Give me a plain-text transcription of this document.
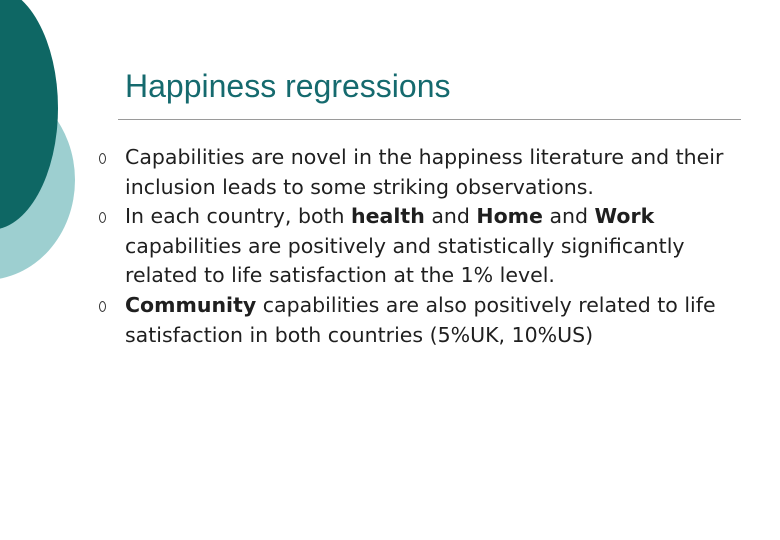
Happiness regressions
Capabilities are novel in the happiness literature and their inclusion leads to some striking observations.
In each country, both health and Home and Work capabilities are positively and statistically significantly related to life satisfaction at the 1% level.
Community capabilities are also positively related to life satisfaction in both countries (5%UK, 10%US)
